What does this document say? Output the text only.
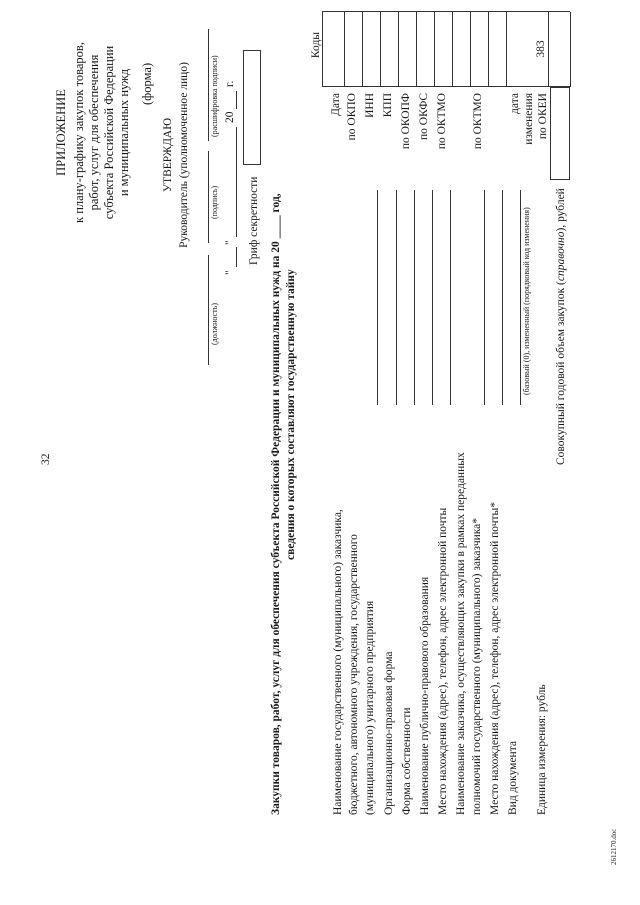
32
ПРИЛОЖЕНИЕ к плану-графику закупок товаров, работ, услуг для обеспечения субъекта Российской Федерации и муниципальных нужд (форма)
УТВЕРЖДАЮ Руководитель (уполномоченное лицо)
(должность)
(подпись)
(расшифровка подписи)
"
"
20
г.
Гриф секретности Закупки товаров, работ, услуг для обеспечения субъекта Российской Федерации и муниципальных нужд на 20 ____ год, сведения о которых составляют государственную тайну
Коды
Дата по ОКПО ИНН КПП по ОКОПФ по ОКФС по ОКТМО по ОКТМО дата изменения по ОКЕИ
383
Наименование государственного (муниципального) заказчика, бюджетного, автономного учреждения, государственного (муниципального) унитарного предприятия Организационно-правовая форма Форма собственности Наименование публично-правового образования Место нахождения (адрес), телефон, адрес электронной почты Наименование заказчика, осуществляющих закупки в рамках переданных полномочий государственного (муниципального) заказчика* Место нахождения (адрес), телефон, адрес электронной почты* Вид документа
(базовый (0), измененный (порядковый код изменения)
Единица измерения: рубль
Совокупный годовой объем закупок (справочно), рублей
2612170.doc
